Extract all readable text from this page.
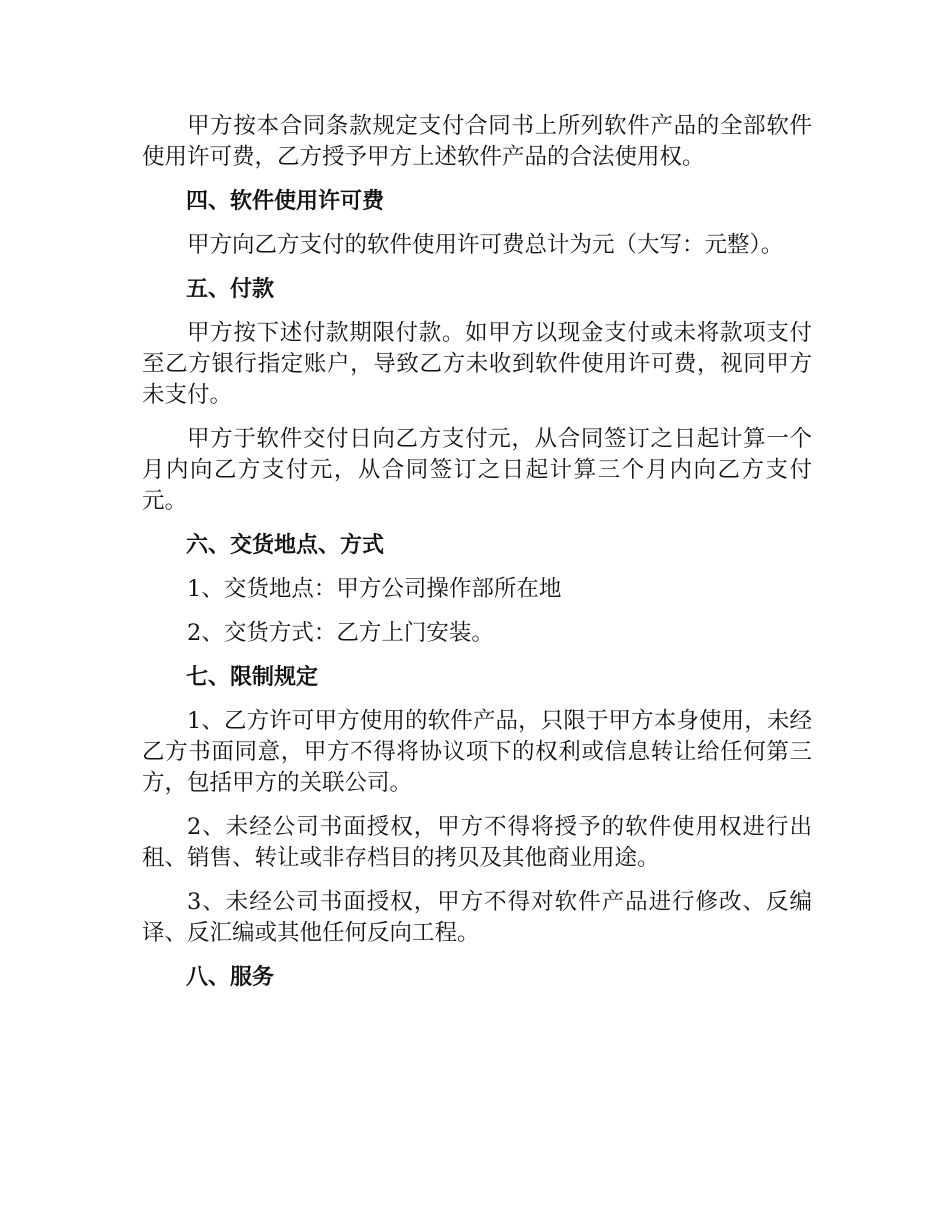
甲方按本合同条款规定支付合同书上所列软件产品的全部软件使用许可费，乙方授予甲方上述软件产品的合法使用权。

四、软件使用许可费

甲方向乙方支付的软件使用许可费总计为元（大写：元整）。

五、付款

甲方按下述付款期限付款。如甲方以现金支付或未将款项支付至乙方银行指定账户，导致乙方未收到软件使用许可费，视同甲方未支付。

甲方于软件交付日向乙方支付元，从合同签订之日起计算一个月内向乙方支付元，从合同签订之日起计算三个月内向乙方支付元。

六、交货地点、方式

1、交货地点：甲方公司操作部所在地

2、交货方式：乙方上门安装。

七、限制规定

1、乙方许可甲方使用的软件产品，只限于甲方本身使用，未经乙方书面同意，甲方不得将协议项下的权利或信息转让给任何第三方，包括甲方的关联公司。

2、未经公司书面授权，甲方不得将授予的软件使用权进行出租、销售、转让或非存档目的拷贝及其他商业用途。

3、未经公司书面授权，甲方不得对软件产品进行修改、反编译、反汇编或其他任何反向工程。

八、服务
